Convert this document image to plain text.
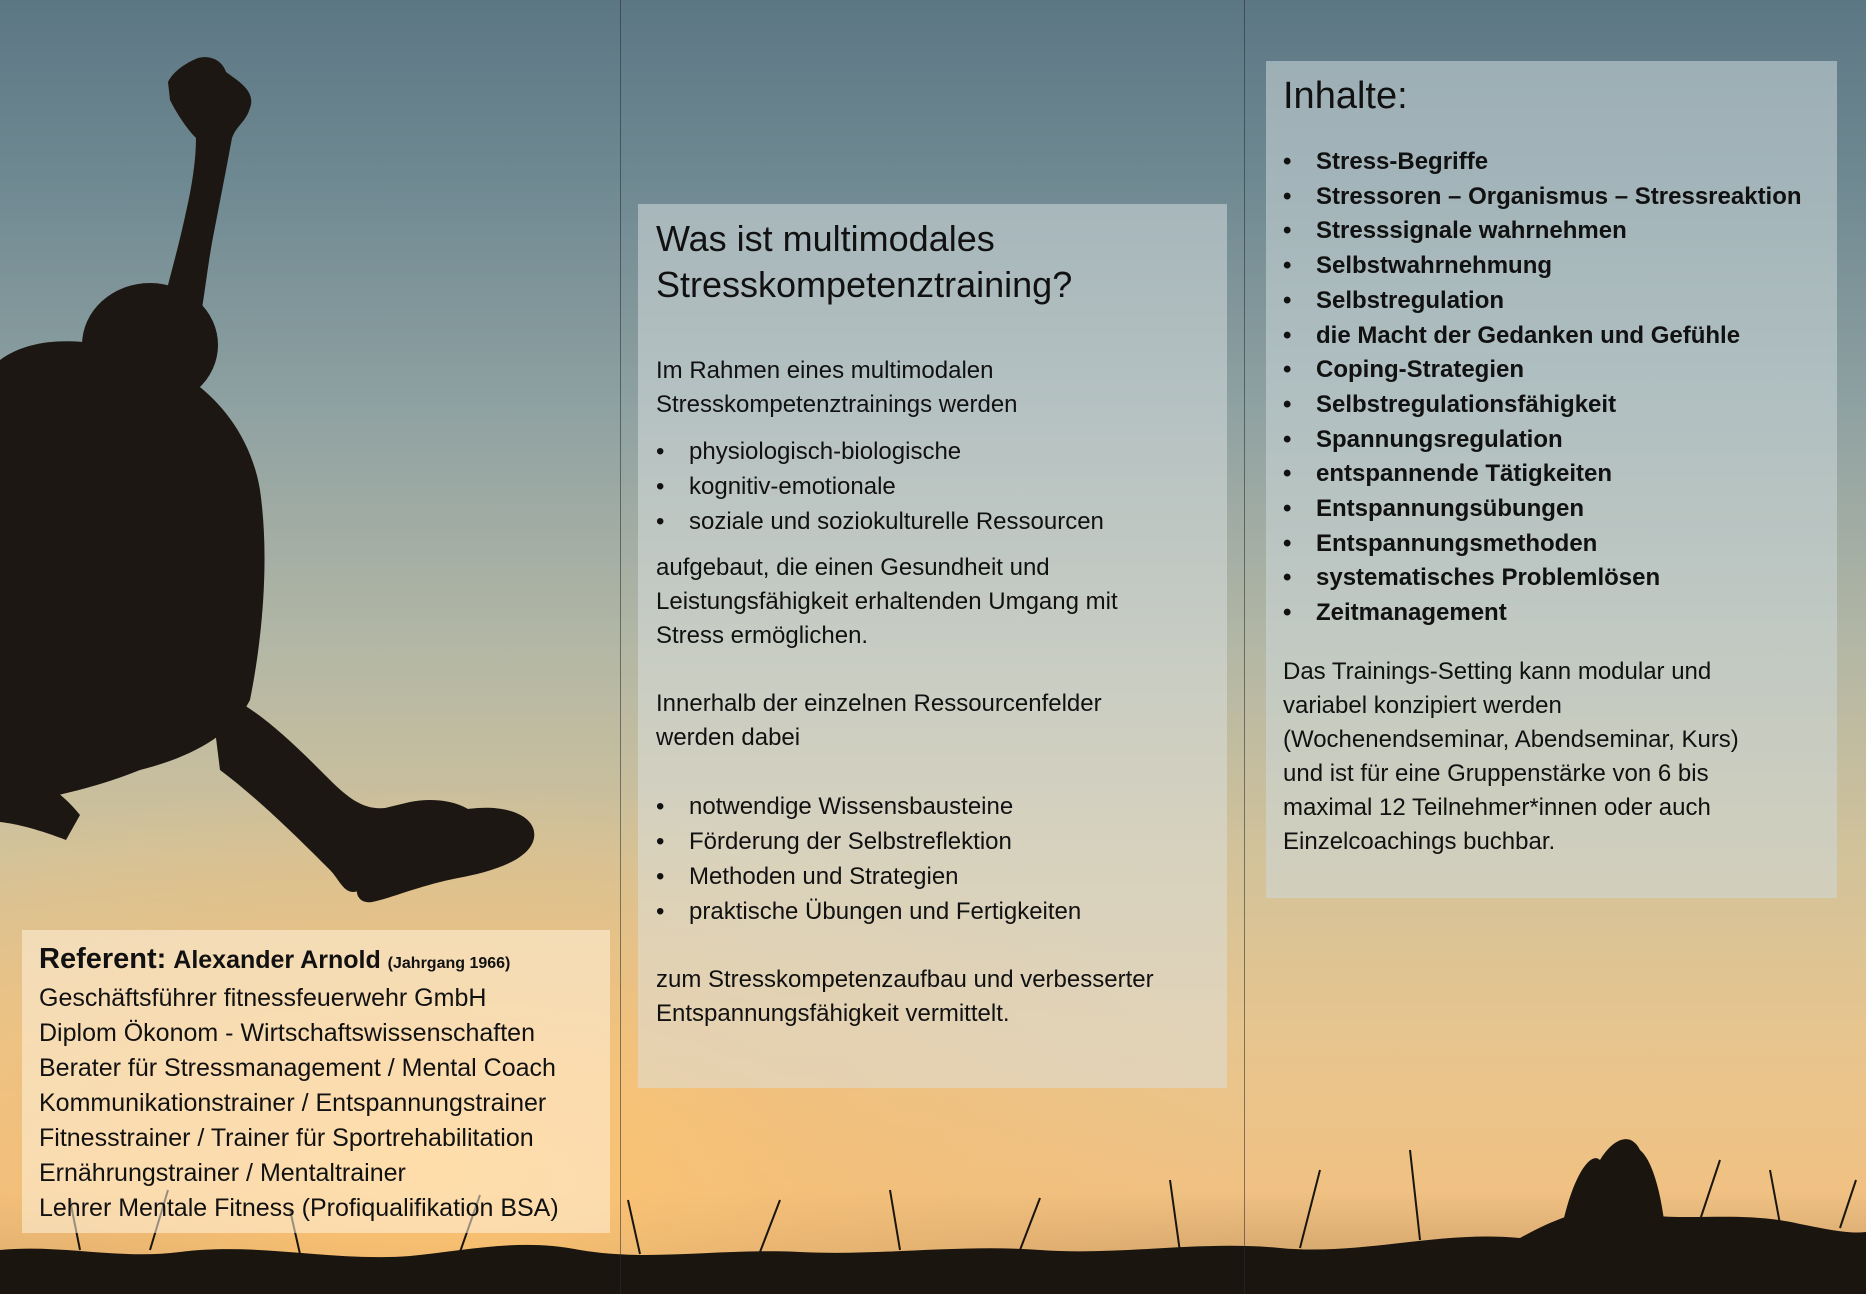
Was ist multimodales
Stresskompetenztraining?
Im Rahmen eines multimodalen
Stresskompetenztrainings werden
• physiologisch-biologische
• kognitiv-emotionale
• soziale und soziokulturelle Ressourcen
aufgebaut, die einen Gesundheit und
Leistungsfähigkeit erhaltenden Umgang mit
Stress ermöglichen.
Innerhalb der einzelnen Ressourcenfelder
werden dabei
• notwendige Wissensbausteine
• Förderung der Selbstreflektion
• Methoden und Strategien
• praktische Übungen und Fertigkeiten
zum Stresskompetenzaufbau und verbesserter
Entspannungsfähigkeit vermittelt.
Inhalte:
• Stress-Begriffe
• Stressoren – Organismus – Stressreaktion
• Stresssignale wahrnehmen
• Selbstwahrnehmung
• Selbstregulation
• die Macht der Gedanken und Gefühle
• Coping-Strategien
• Selbstregulationsfähigkeit
• Spannungsregulation
• entspannende Tätigkeiten
• Entspannungsübungen
• Entspannungsmethoden
• systematisches Problemlösen
• Zeitmanagement
Das Trainings-Setting kann modular und
variabel konzipiert werden
(Wochenendseminar, Abendseminar, Kurs)
und ist für eine Gruppenstärke von 6 bis
maximal 12 Teilnehmer*innen oder auch
Einzelcoachings buchbar.
Referent: Alexander Arnold (Jahrgang 1966)
Geschäftsführer fitnessfeuerwehr GmbH
Diplom Ökonom - Wirtschaftswissenschaften
Berater für Stressmanagement / Mental Coach
Kommunikationstrainer / Entspannungstrainer
Fitnesstrainer / Trainer für Sportrehabilitation
Ernährungstrainer / Mentaltrainer
Lehrer Mentale Fitness (Profiqualifikation BSA)
